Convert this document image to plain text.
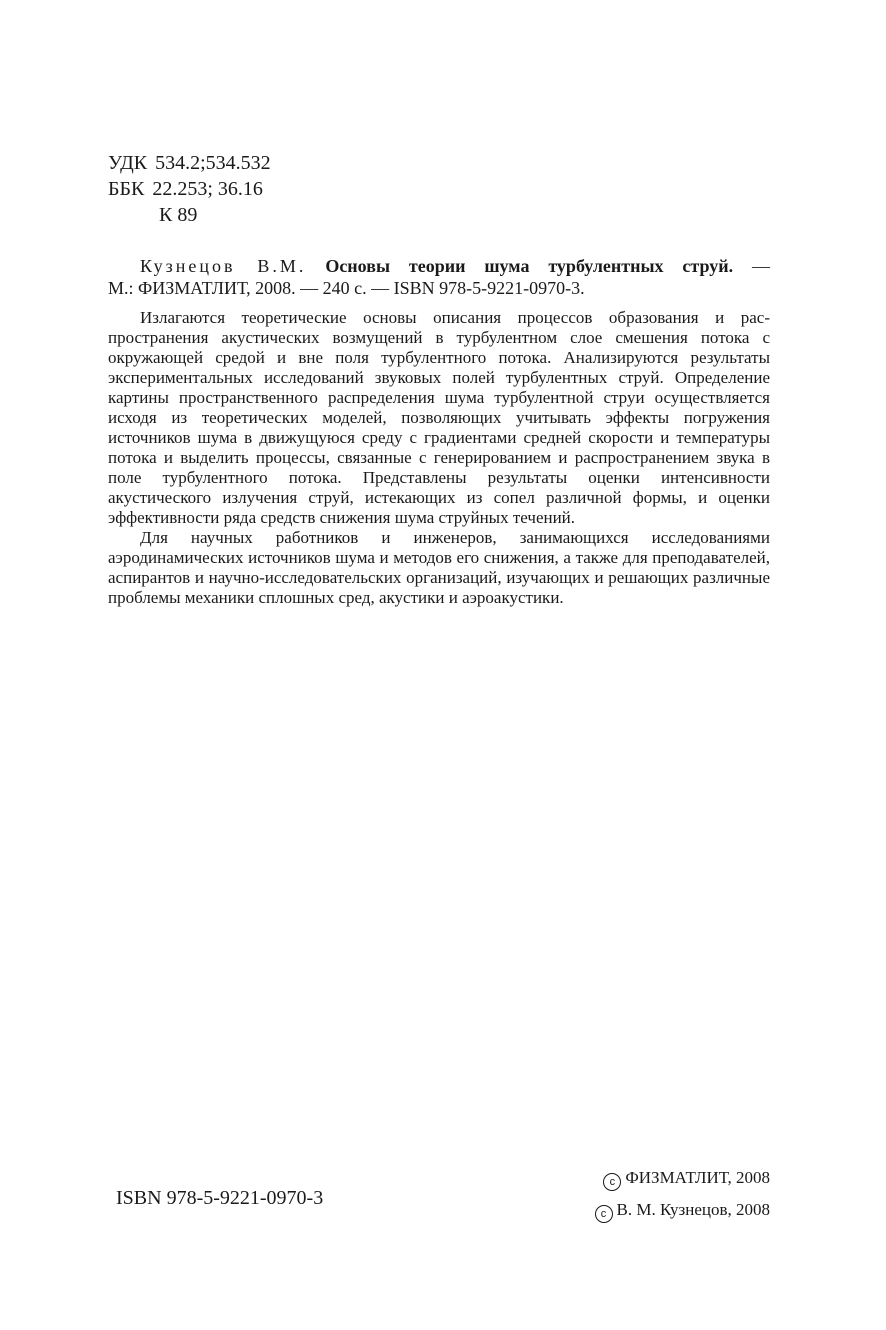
УДК 534.2;534.532
ББК 22.253; 36.16
К 89
Кузнецов В.М. Основы теории шума турбулентных струй. —
М.: ФИЗМАТЛИТ, 2008. — 240 с. — ISBN 978-5-9221-0970-3.

Излагаются теоретические основы описания процессов образования и распространения акустических возмущений в турбулентном слое смешения потока с окружающей средой и вне поля турбулентного потока. Анализируются результаты экспериментальных исследований звуковых полей турбулентных струй. Определение картины пространственного распределения шума турбулентной струи осуществляется исходя из теоретических моделей, позволяющих учитывать эффекты погружения источников шума в движущуюся среду с градиентами средней скорости и температуры потока и выделить процессы, связанные с генерированием и распространением звука в поле турбулентного потока. Представлены результаты оценки интенсивности акустического излучения струй, истекающих из сопел различной формы, и оценки эффективности ряда средств снижения шума струйных течений.

Для научных работников и инженеров, занимающихся исследованиями аэродинамических источников шума и методов его снижения, а также для преподавателей, аспирантов и научно-исследовательских организаций, изучающих и решающих различные проблемы механики сплошных сред, акустики и аэроакустики.

ISBN 978-5-9221-0970-3
c ФИЗМАТЛИТ, 2008
c В. М. Кузнецов, 2008
